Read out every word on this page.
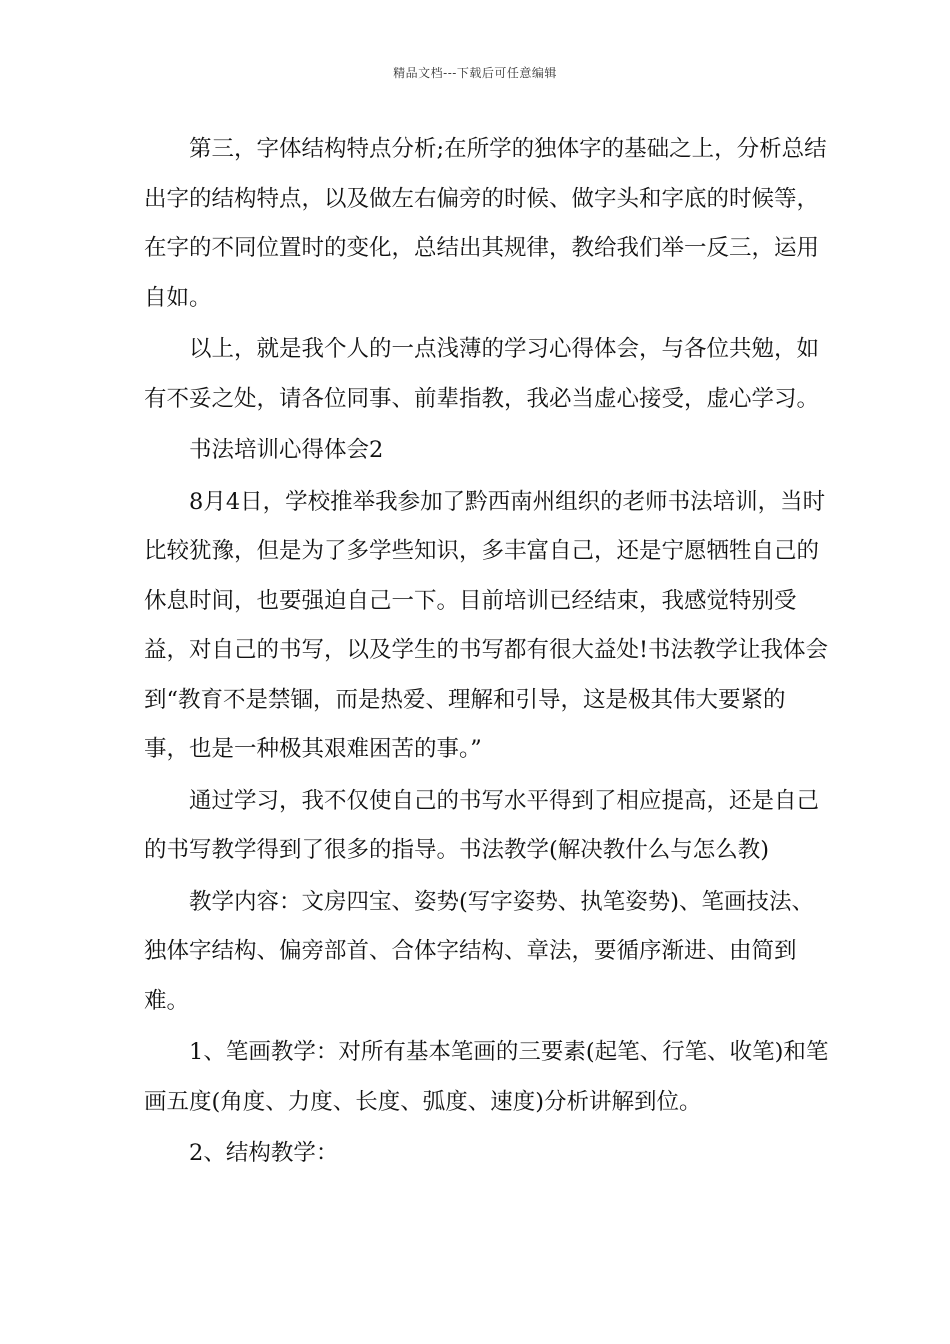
精品文档---下载后可任意编辑

第三，字体结构特点分析;在所学的独体字的基础之上，分析总结出字的结构特点，以及做左右偏旁的时候、做字头和字底的时候等，在字的不同位置时的变化，总结出其规律，教给我们举一反三，运用自如。

以上，就是我个人的一点浅薄的学习心得体会，与各位共勉，如有不妥之处，请各位同事、前辈指教，我必当虚心接受，虚心学习。

书法培训心得体会2

8月4日，学校推举我参加了黔西南州组织的老师书法培训，当时比较犹豫，但是为了多学些知识，多丰富自己，还是宁愿牺牲自己的休息时间，也要强迫自己一下。目前培训已经结束，我感觉特别受益，对自己的书写，以及学生的书写都有很大益处!书法教学让我体会到“教育不是禁锢，而是热爱、理解和引导，这是极其伟大要紧的事，也是一种极其艰难困苦的事。”

通过学习，我不仅使自己的书写水平得到了相应提高，还是自己的书写教学得到了很多的指导。书法教学(解决教什么与怎么教)

教学内容：文房四宝、姿势(写字姿势、执笔姿势)、笔画技法、独体字结构、偏旁部首、合体字结构、章法，要循序渐进、由简到难。

1、笔画教学：对所有基本笔画的三要素(起笔、行笔、收笔)和笔画五度(角度、力度、长度、弧度、速度)分析讲解到位。

2、结构教学：
